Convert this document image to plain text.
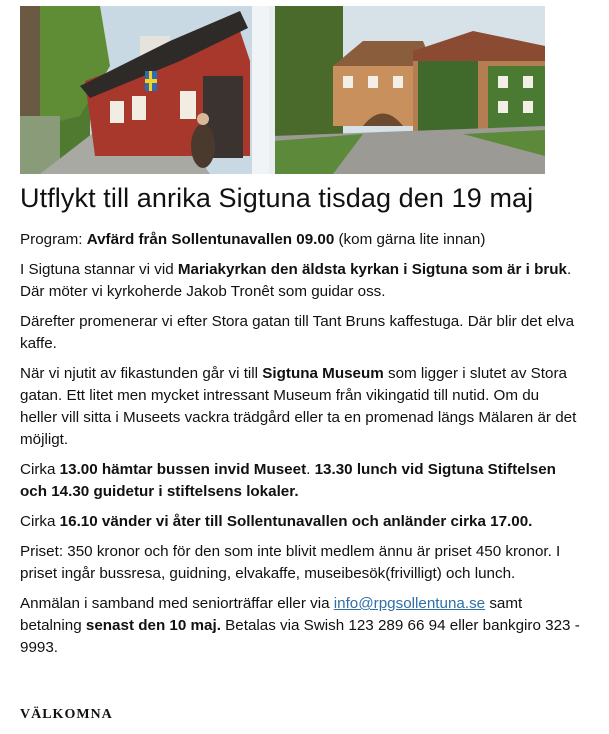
Utflykt till anrika Sigtuna tisdag den 19 maj

Program: Avfärd från Sollentunavallen 09.00 (kom gärna lite innan)

I Sigtuna stannar vi vid Mariakyrkan den äldsta kyrkan i Sigtuna som är i bruk. Där möter vi kyrkoherde Jakob Tronêt som guidar oss.

Därefter promenerar vi efter Stora gatan till Tant Bruns kaffestuga. Där blir det elva kaffe.

När vi njutit av fikastunden går vi till Sigtuna Museum som ligger i slutet av Stora gatan. Ett litet men mycket intressant Museum från vikingatid till nutid. Om du heller vill sitta i Museets vackra trädgård eller ta en promenad längs Mälaren är det möjligt.

Cirka 13.00 hämtar bussen invid Museet. 13.30 lunch vid Sigtuna Stiftelsen och 14.30 guidetur i stiftelsens lokaler.

Cirka 16.10 vänder vi åter till Sollentunavallen och anländer cirka 17.00.

Priset: 350 kronor och för den som inte blivit medlem ännu är priset 450 kronor. I priset ingår bussresa, guidning, elvakaffe, museibesök(frivilligt) och lunch.

Anmälan i samband med seniorträffar eller via info@rpgsollentuna.se samt betalning senast den 10 maj. Betalas via Swish 123 289 66 94 eller bankgiro 323 - 9993.

VÄLKOMNA
